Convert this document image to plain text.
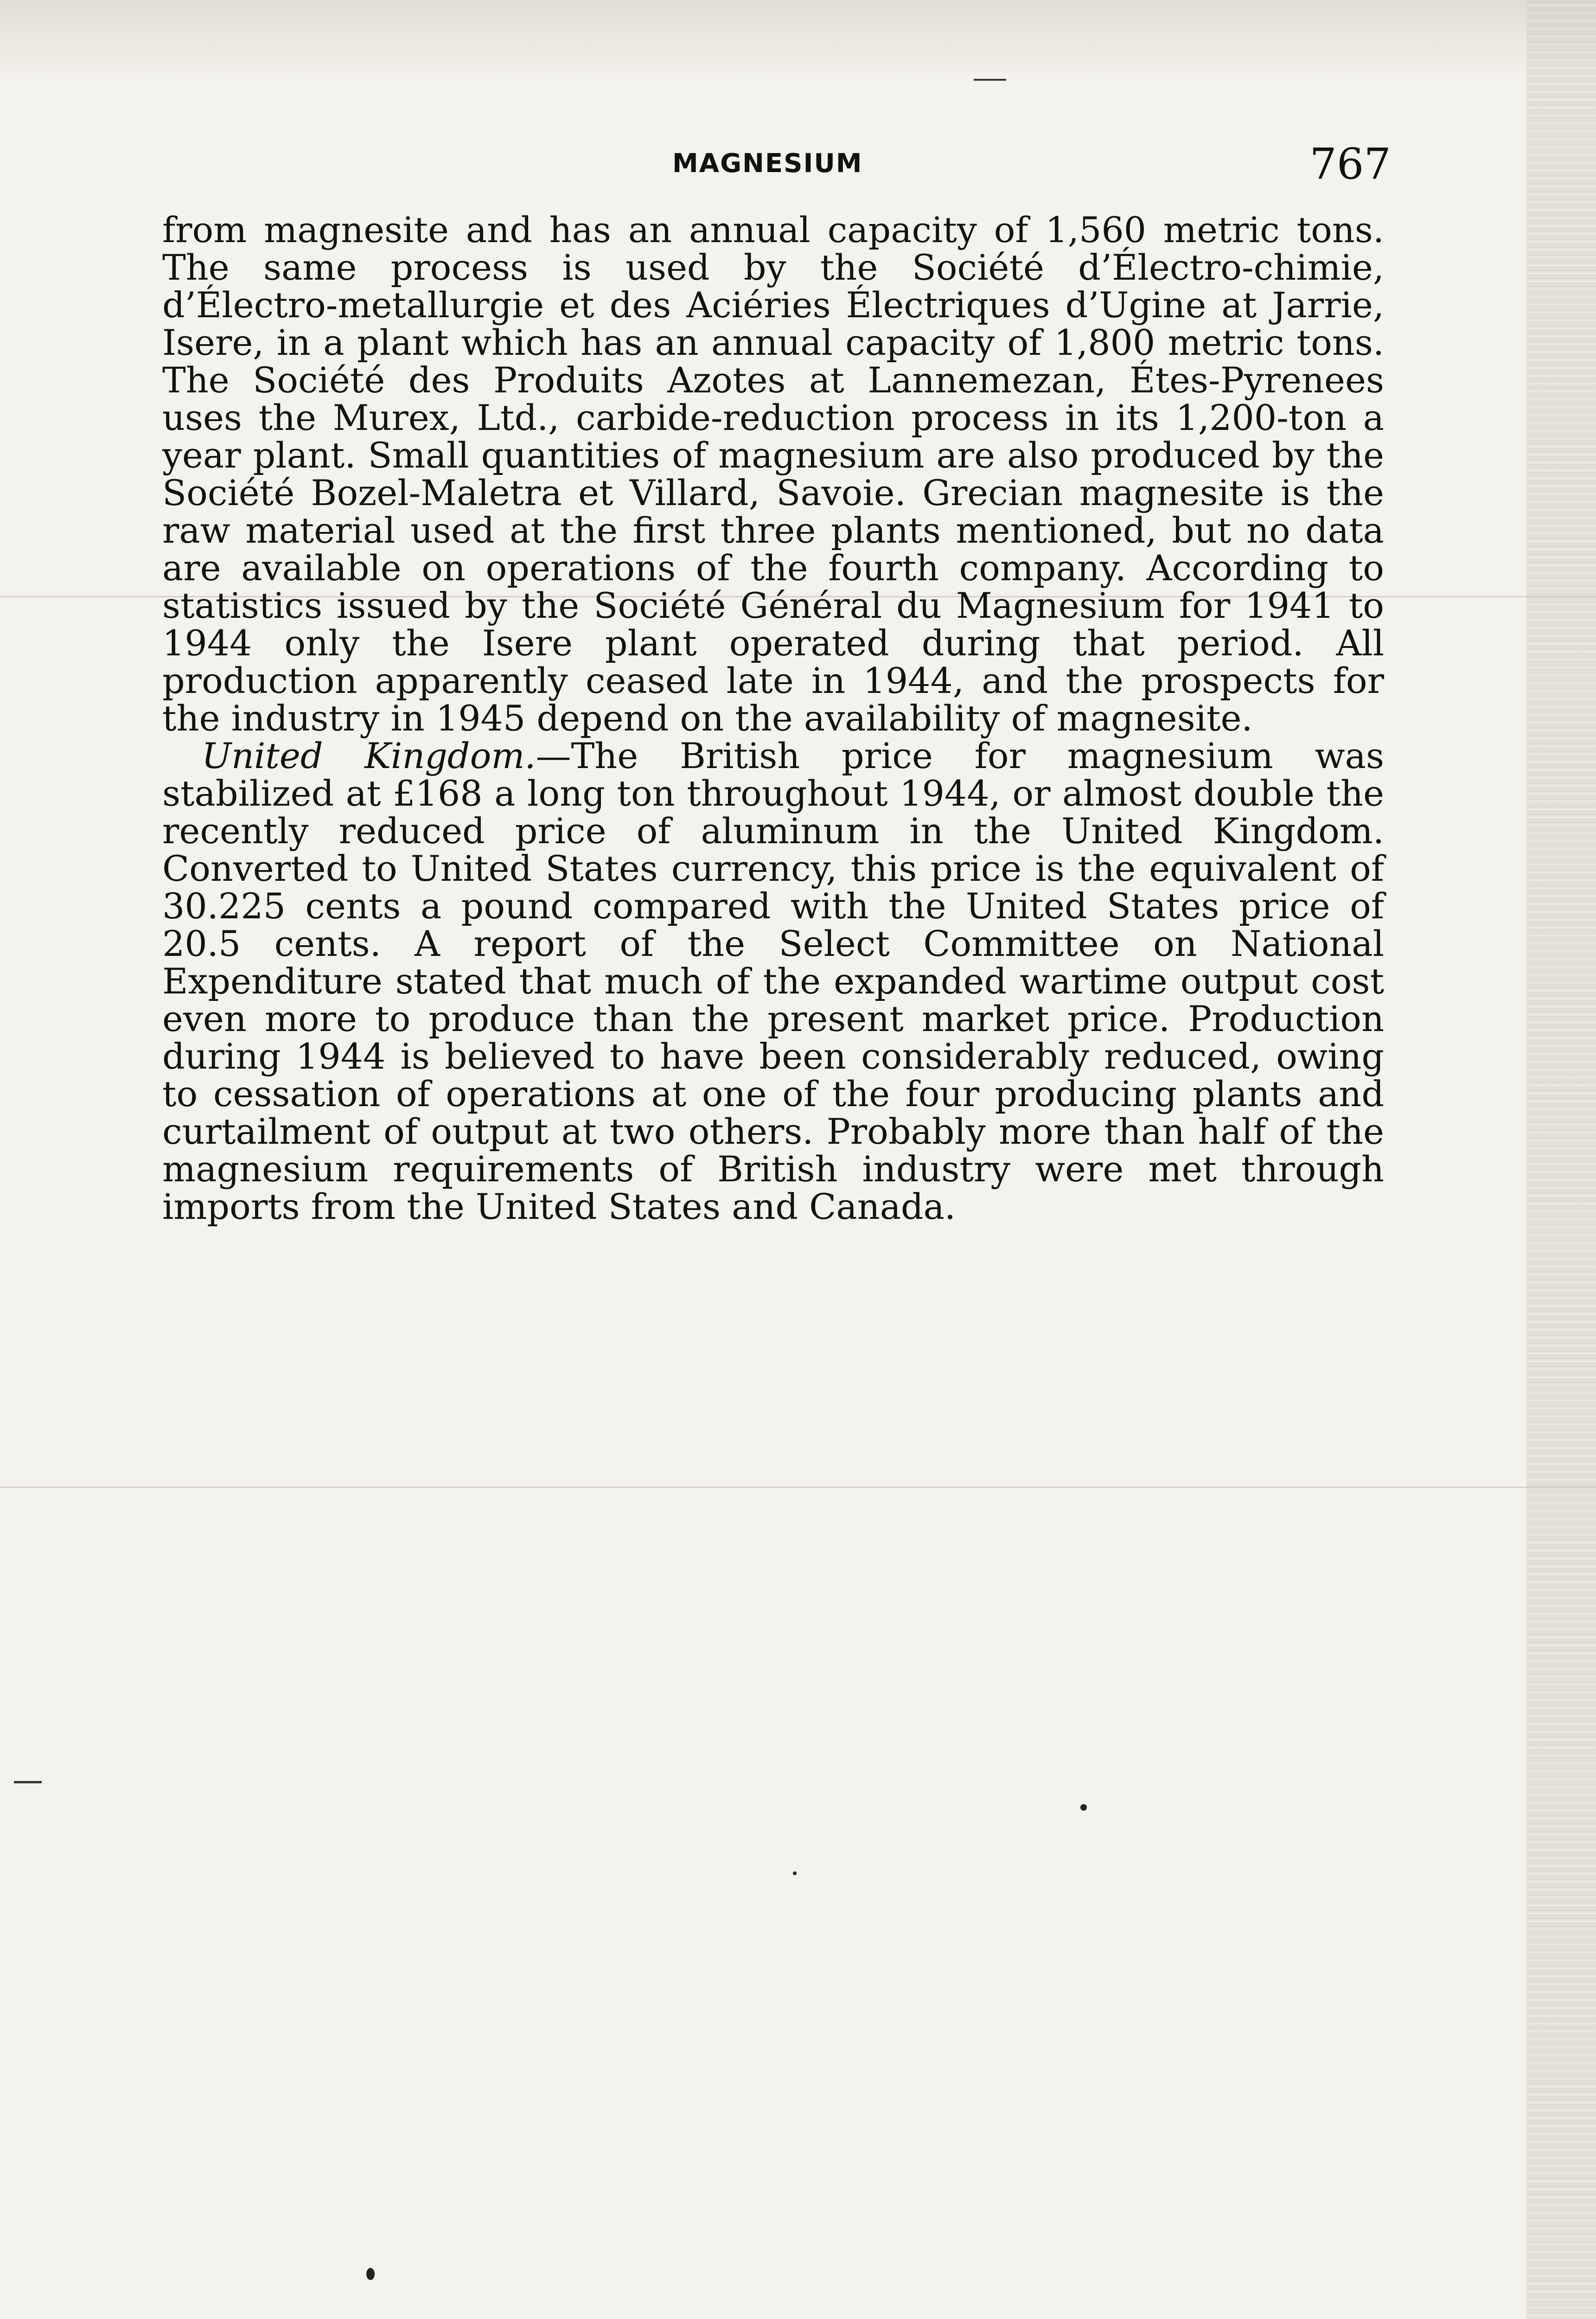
MAGNESIUM	767

from magnesite and has an annual capacity of 1,560 metric tons. The same process is used by the Société d’Électro-chimie, d’Électro-metallurgie et des Aciéries Électriques d’Ugine at Jarrie, Isere, in a plant which has an annual capacity of 1,800 metric tons. The Société des Produits Azotes at Lannemezan, Étes-Pyrenees uses the Murex, Ltd., carbide-reduction process in its 1,200-ton a year plant. Small quantities of magnesium are also produced by the Société Bozel-Maletra et Villard, Savoie. Grecian magnesite is the raw material used at the first three plants mentioned, but no data are available on operations of the fourth company. According to statistics issued by the Société Général du Magnesium for 1941 to 1944 only the Isere plant operated during that period. All production apparently ceased late in 1944, and the prospects for the industry in 1945 depend on the availability of magnesite.

United Kingdom.—The British price for magnesium was stabilized at £168 a long ton throughout 1944, or almost double the recently reduced price of aluminum in the United Kingdom. Converted to United States currency, this price is the equivalent of 30.225 cents a pound compared with the United States price of 20.5 cents. A report of the Select Committee on National Expenditure stated that much of the expanded wartime output cost even more to produce than the present market price. Production during 1944 is believed to have been considerably reduced, owing to cessation of operations at one of the four producing plants and curtailment of output at two others. Probably more than half of the magnesium requirements of British industry were met through imports from the United States and Canada.
